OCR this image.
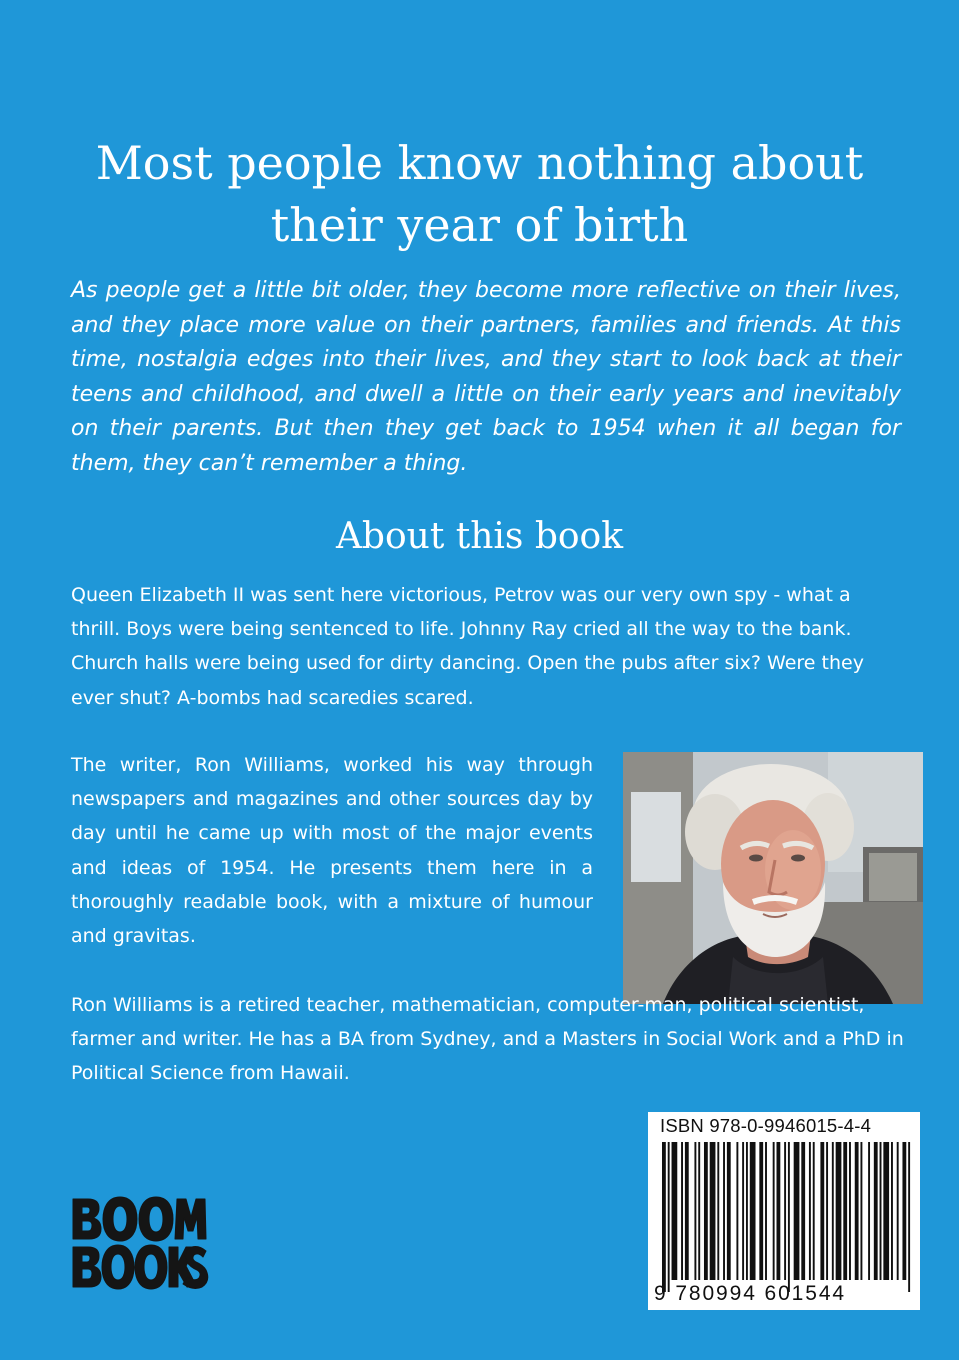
Most people know nothing about their year of birth

As people get a little bit older, they become more reflective on their lives, and they place more value on their partners, families and friends. At this time, nostalgia edges into their lives, and they start to look back at their teens and childhood, and dwell a little on their early years and inevitably on their parents. But then they get back to 1954 when it all began for them, they can’t remember a thing.

About this book

Queen Elizabeth II was sent here victorious, Petrov was our very own spy - what a thrill. Boys were being sentenced to life. Johnny Ray cried all the way to the bank. Church halls were being used for dirty dancing. Open the pubs after six? Were they ever shut? A-bombs had scaredies scared.

The writer, Ron Williams, worked his way through newspapers and magazines and other sources day by day until he came up with most of the major events and ideas of 1954. He presents them here in a thoroughly readable book, with a mixture of humour and gravitas.

Ron Williams is a retired teacher, mathematician, computer-man, political scientist, farmer and writer. He has a BA from Sydney, and a Masters in Social Work and a PhD in Political Science from Hawaii.

ISBN 978-0-9946015-4-4
9 780994 601544
